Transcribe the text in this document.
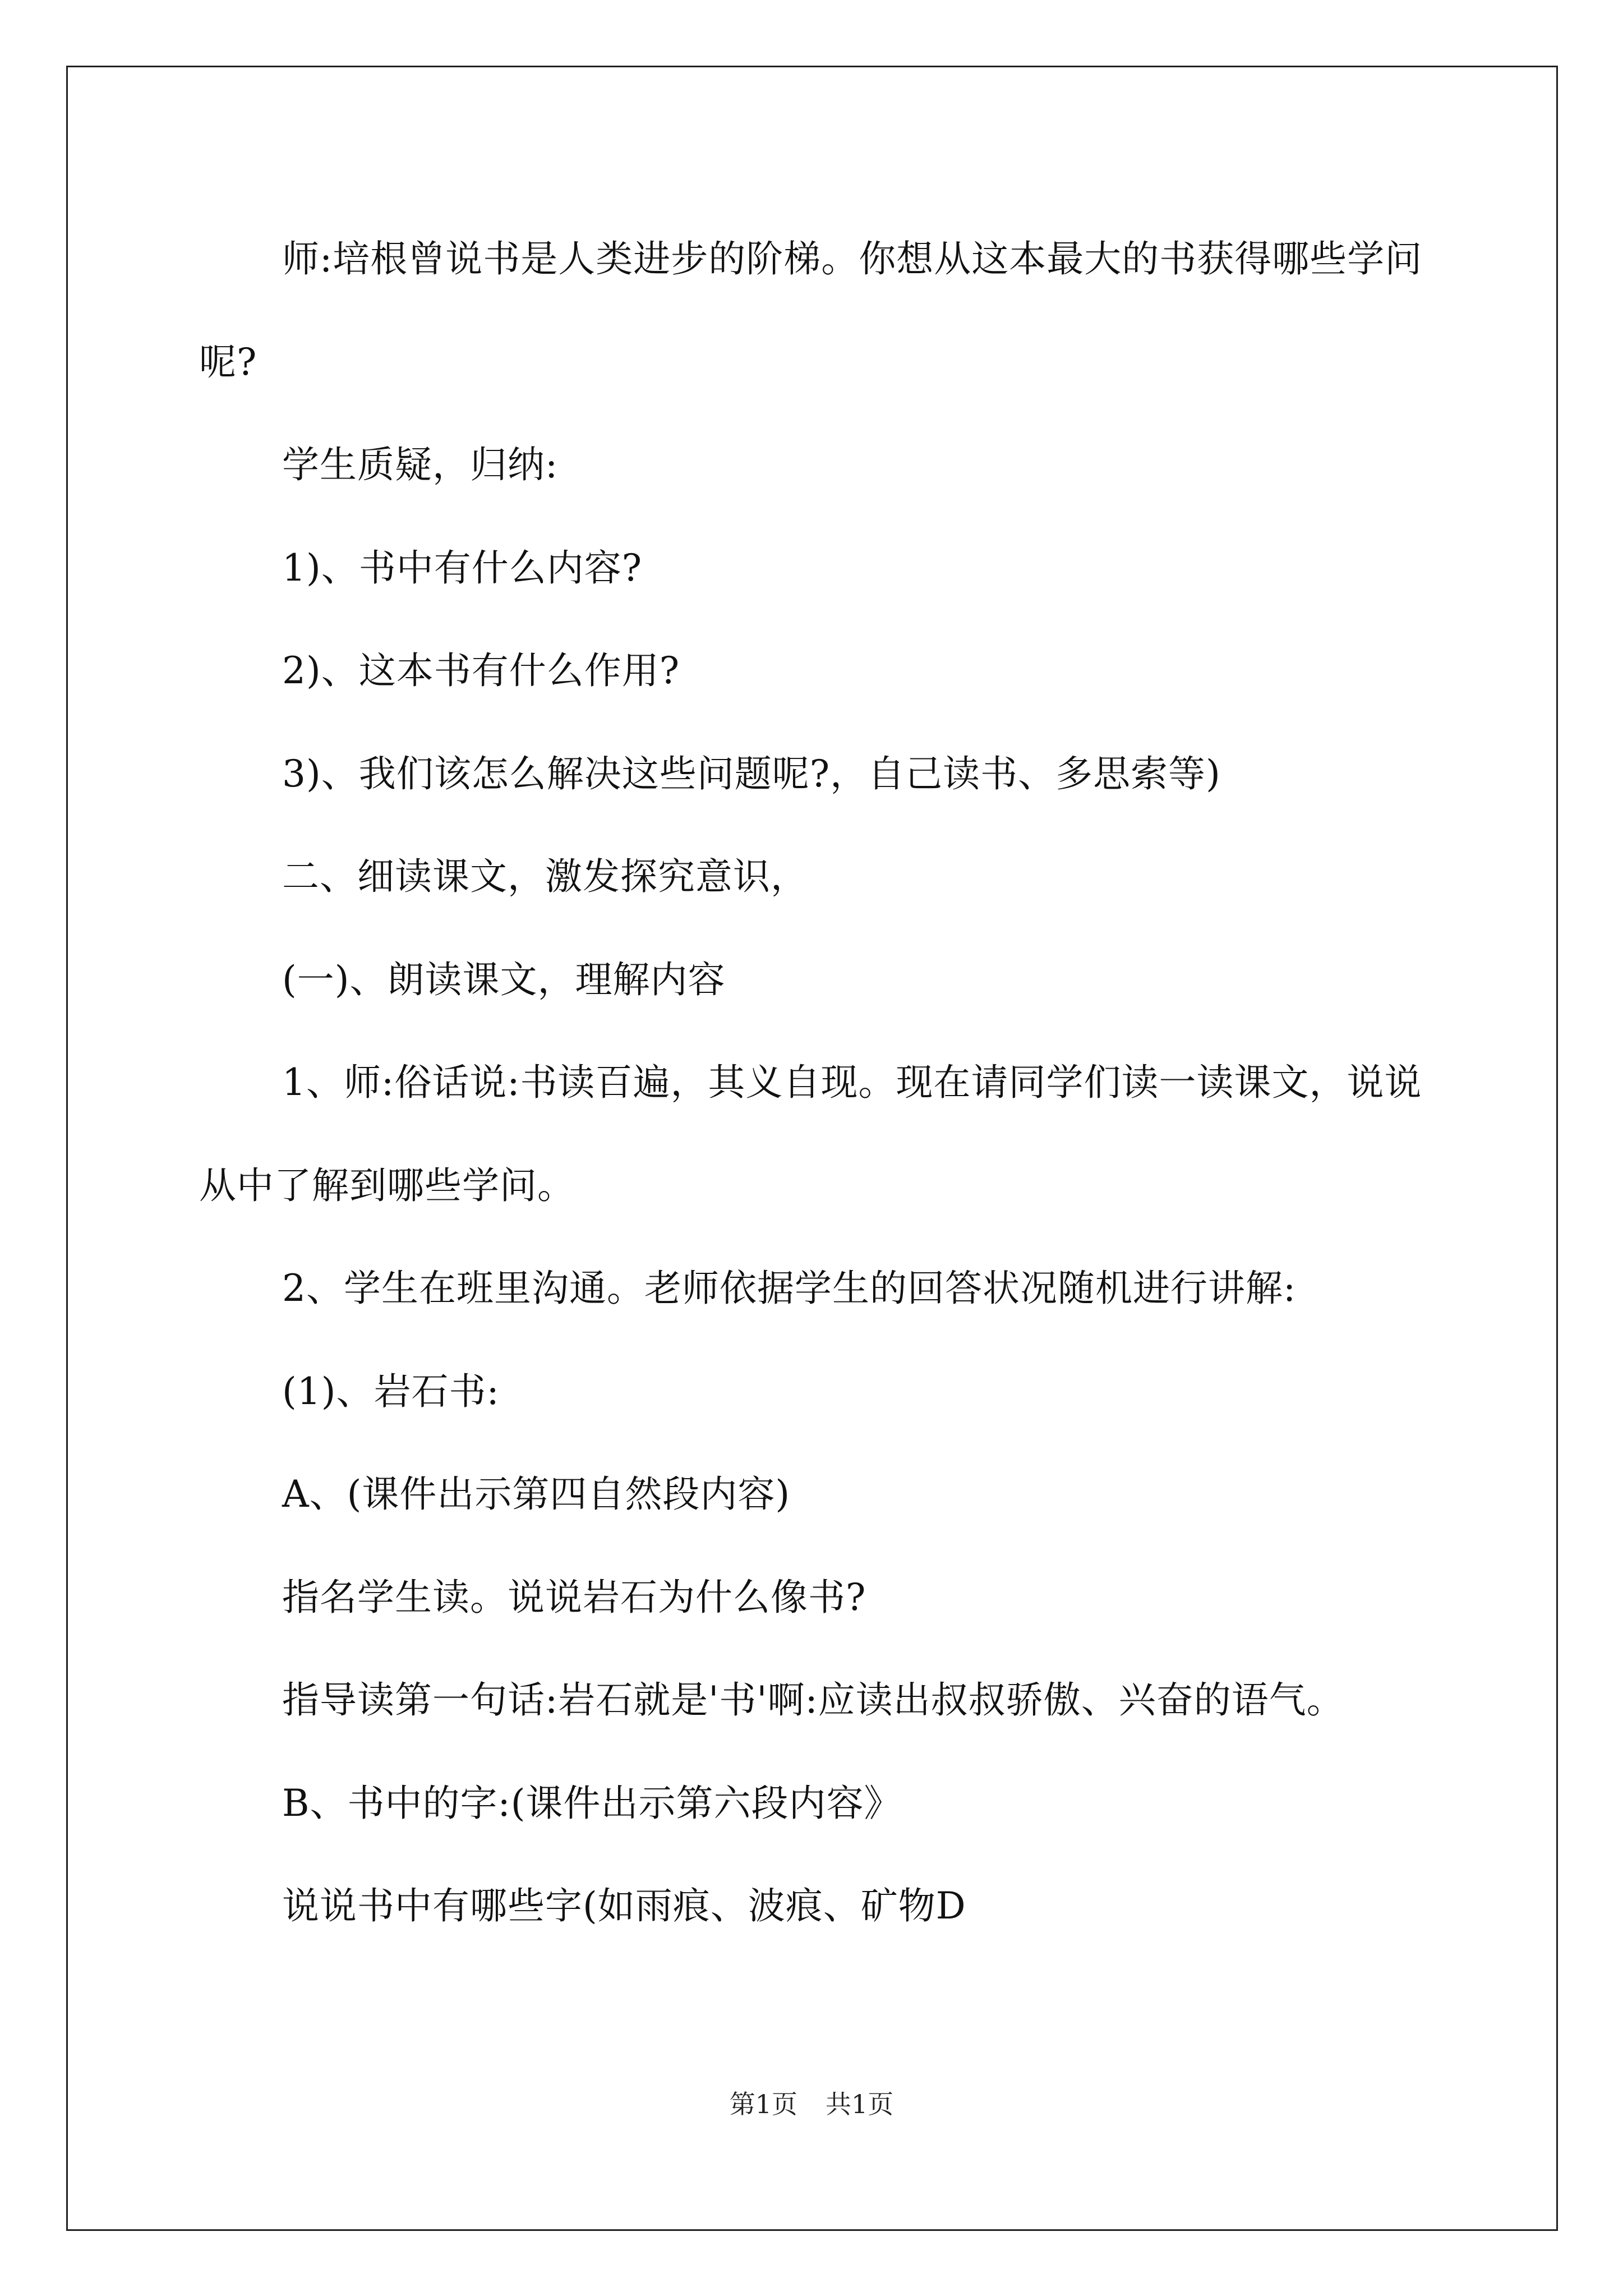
师:培根曾说书是人类进步的阶梯。你想从这本最大的书获得哪些学问呢?

学生质疑，归纳:

1)、书中有什么内容?

2)、这本书有什么作用?

3)、我们该怎么解决这些问题呢?，自己读书、多思索等)

二、细读课文，激发探究意识，

(一)、朗读课文，理解内容

1、师:俗话说:书读百遍，其义自现。现在请同学们读一读课文，说说从中了解到哪些学问。

2、学生在班里沟通。老师依据学生的回答状况随机进行讲解:

(1)、岩石书:

A、(课件出示第四自然段内容)

指名学生读。说说岩石为什么像书?

指导读第一句话:岩石就是'书'啊:应读出叔叔骄傲、兴奋的语气。

B、书中的字:(课件出示第六段内容》

说说书中有哪些字(如雨痕、波痕、矿物D

第1页 共1页
